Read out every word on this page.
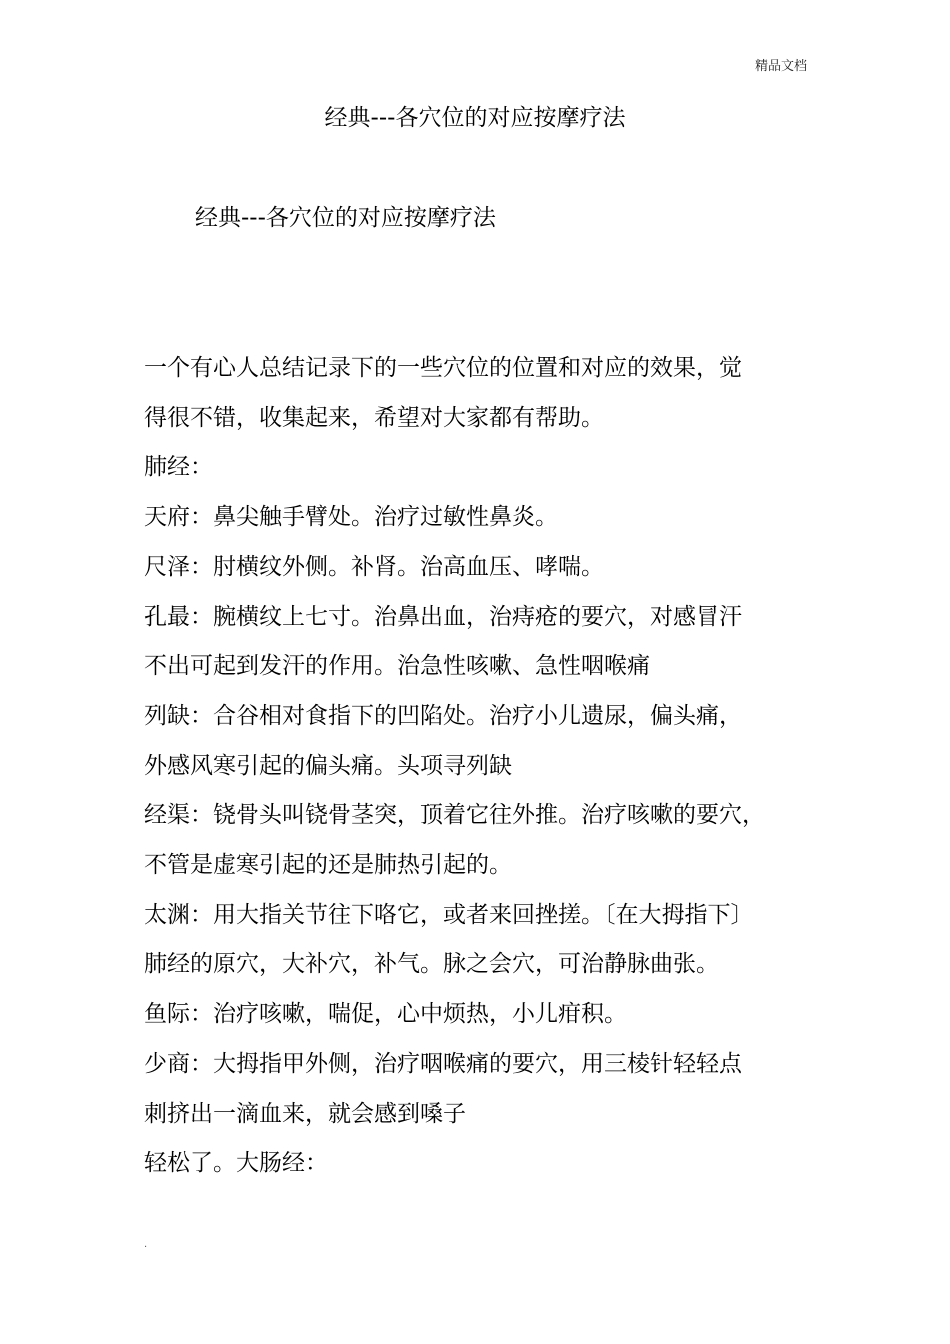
精品文档
经典---各穴位的对应按摩疗法
经典---各穴位的对应按摩疗法

一个有心人总结记录下的一些穴位的位置和对应的效果，觉

得很不错，收集起来，希望对大家都有帮助。

肺经：

天府：鼻尖触手臂处。治疗过敏性鼻炎。

尺泽：肘横纹外侧。补肾。治高血压、哮喘。

孔最：腕横纹上七寸。治鼻出血，治痔疮的要穴，对感冒汗

不出可起到发汗的作用。治急性咳嗽、急性咽喉痛

列缺：合谷相对食指下的凹陷处。治疗小儿遗尿，偏头痛，

外感风寒引起的偏头痛。头项寻列缺

经渠：铙骨头叫铙骨茎突，顶着它往外推。治疗咳嗽的要穴，

不管是虚寒引起的还是肺热引起的。

太渊：用大指关节往下咯它，或者来回挫搓。〔在大拇指下〕

肺经的原穴，大补穴，补气。脉之会穴，可治静脉曲张。

鱼际：治疗咳嗽，喘促，心中烦热，小儿疳积。

少商：大拇指甲外侧，治疗咽喉痛的要穴，用三棱针轻轻点

刺挤出一滴血来，就会感到嗓子

轻松了。大肠经：

.
